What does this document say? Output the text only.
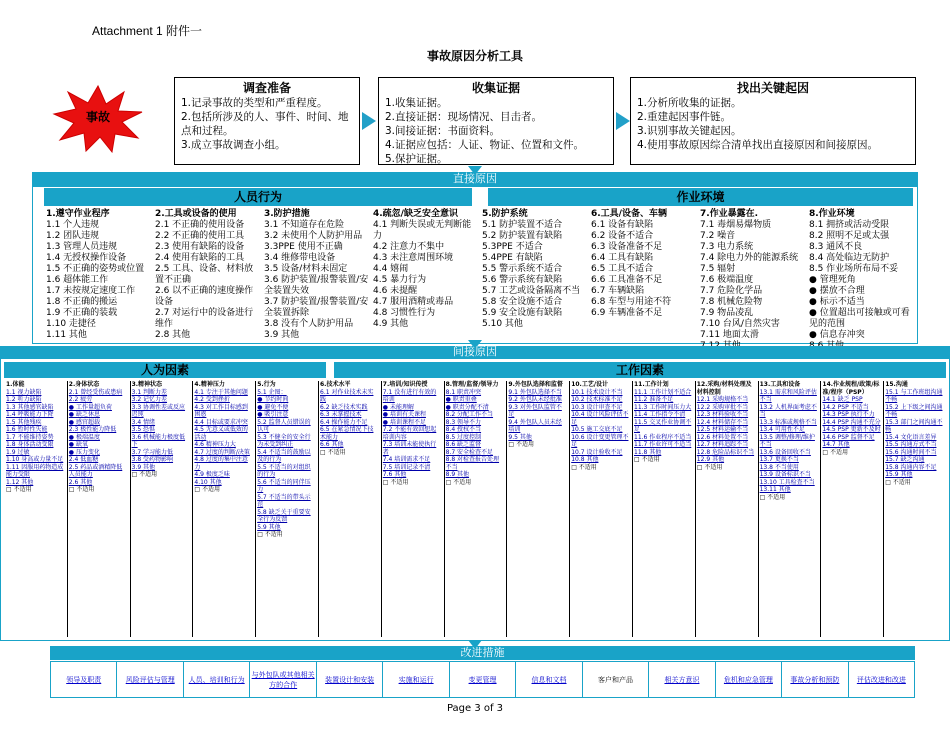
Attachment 1 附件一
事故原因分析工具
事故
调查准备
1.记录事故的类型和严重程度。
2.包括所涉及的人、事件、时间、地点和过程。
3.成立事故调查小组。
收集证据
1.收集证据。
2.直接证据：现场情况、目击者。
3.间接证据：书面资料。
4.证据应包括：人证、物证、位置和文件。
5.保护证据。
找出关键起因
1.分析所收集的证据。
2.重建起因事件链。
3.识别事故关键起因。
4.使用事故原因综合清单找出直接原因和间接原因。
直接原因
人员行为	作业环境
1.遵守作业程序
1.1 个人违规
1.2 团队违规
1.3 管理人员违规
1.4 无授权操作设备
1.5 不正确的姿势或位置
1.6 超体能工作
1.7 未按规定速度工作
1.8 不正确的搬运
1.9 不正确的装载
1.10 走捷径
1.11 其他
2.工具或设备的使用
2.1 不正确的使用设备
2.2 不正确的使用工具
2.3 使用有缺陷的设备
2.4 使用有缺陷的工具
2.5 工具、设备、材料放置不正确
2.6 以不正确的速度操作设备
2.7 对运行中的设备进行维作
2.8 其他
3.防护措施
3.1 不知道存在危险
3.2 未使用个人防护用品
3.3PPE 使用不正确
3.4 维修带电设备
3.5 设备/材料未固定
3.6 防护装置/报警装置/安全装置失效
3.7 防护装置/报警装置/安全装置拆除
3.8 没有个人防护用品
3.9 其他
4.疏忽/缺乏安全意识
4.1 判断失误或无判断能力
4.2 注意力不集中
4.3 未注意周围环境
4.4 嬉闹
4.5 暴力行为
4.6 未提醒
4.7 服用酒精或毒品
4.8 习惯性行为
4.9 其他
5.防护系统
5.1 防护装置不适合
5.2 防护装置有缺陷
5.3PPE 不适合
5.4PPE 有缺陷
5.5 警示系统不适合
5.6 警示系统有缺陷
5.7 工艺或设备隔离不当
5.8 安全设施不适合
5.9 安全设施有缺陷
5.10 其他
6.工具/设备、车辆
6.1 设备有缺陷
6.2 设备不适合
6.3 设备准备不足
6.4 工具有缺陷
6.5 工具不适合
6.6 工具准备不足
6.7 车辆缺陷
6.8 车型与用途不符
6.9 车辆准备不足
7.作业暴露在.
7.1 毒烟易爆物质
7.2 噪音
7.3 电力系统
7.4 除电力外的能源系统
7.5 辐射
7.6 极端温度
7.7 危险化学品
7.8 机械危险物
7.9 物品凌乱
7.10 台风/自然灾害
7.11 地面太滑
8.作业环境
8.1 拥挤或活动受限
8.2 照明不足或太强
8.3 通风不良
8.4 高处临边无防护
8.5 作业场所布局不妥
● 管理死角
● 摆放不合理
● 标示不适当
● 位置超出可接触或可看见的范围
● 信息存冲突
间接原因
人为因素	工作因素
1.体能
1.1 视力缺陷
1.2 听力缺陷
1.3 其他感官缺陷
1.4 呼吸能力下降
1.5 其他残疾
1.6 暂时性失能
1.7 不能维持姿势
1.8 身体活动受限
1.9 过敏
1.10 身高或力量不足
1.11 因服用药物造成能力受限
1.12 其他
□ 不适用
2.身体状态
2.1 曾经受伤或患病
2.2 疲劳
● 工作量超负荷
● 缺乏休息
● 感官超载
2.3 极性能力降低
● 极端温度
● 缺氧
● 压力变化
2.4 低血糖
2.5 药品或酒精降低人员能力
2.6 其他
□ 不适用
3.精神状态
3.1 判断力差
3.2 记忆力差
3.3 协调性差或反应迟钝
3.4 情绪
3.5 恐惧
3.6 机械能力极度低下
3.7 学习能力低
3.8 受药物影响
3.9 其他
□ 不适用
4.精神压力
4.1 专注于其他问题
4.2 受到挫折
4.3 对工作目标感到困惑
4.4 目标或要求冲突
4.5 无意义或低效的活动
4.6 精神压力大
4.7 过度的判断/决策
4.8 过度的集中注意力
4.9 极度乏味
4.10 其他
□ 不适用
5.行为
5.1 企图：
● 节约时间
● 避免不便
● 吸引注意
5.2 监督人员错误的认可
5.3 不健全的安全行为未受到纠正
5.4 不适当的鼓励以及的行为
5.5 不适当的对组织的行为
5.6 不适当的同伴压力
5.7 不适当的带头示范
5.8 缺乏关于重要安全行为反馈
5.9 其他
□ 不适用
6.技术水平
6.1 对作业技术未实践
6.2 缺乏技术实践
6.3 未掌握技术
6.4 操作能力不足
6.5 在紧急情况下技术能力
6.6 其他
□ 不适用
7.培训/知识传授
7.1 没有进行有效的培训
● 未能理解
● 培训有关课程
● 培训课程不足
7.2 不能有效回想起培训内容
7.3 培训未能使执行者
7.4 培训需求不足
7.5 培训记录不清
7.6 其他
□ 不适用
8.管理/监督/领导力
8.1 职责冲突
● 职责重叠
● 职责分配不清
8.2 分配工作不当
8.3 领导不力
8.4 授权不当
8.5 过度控制
8.6 缺乏监督
8.7 安全检查不足
8.8 对检查报告处理不当
8.9 其他
□ 不适用
9.外包队选择和监督
9.1 外包队选择不当
9.2 外包队未经批准
9.3 对外包队监管不足
9.4 外包队人员未经培训
9.5 其他
□ 不适用
10.工艺/设计
10.1 技术设计不当
10.2 技术标准不足
10.3 设计审查不足
10.4 设计风险评估不足
10.5 施工交底不足
10.6 设计变更管理不足
10.7 设计验收不足
10.8 其他
□ 不适用
11.工作计划
11.1 工作计划不适合
11.2 准备不足
11.3 工作时间压力大
11.4 工作指令不清
11.5 交叉作业协调不足
11.6 作业程序不适当
11.7 作业许可不适当
11.8 其他
□ 不适用
12.采购/材料处理及材料控制
12.1 采购规格不当
12.2 采购审批不当
12.3 材料验收不当
12.4 材料储存不当
12.5 材料运输不当
12.6 材料处置不当
12.7 材料追踪不当
12.8 危险品标识不当
12.9 其他
□ 不适用
13.工具和设备
13.1 需求和风险评估不当
13.2 人机界面考虑不当
13.3 标准或规格不当
13.4 可用性不足
13.5 调整/修理/维护不当
13.6 设备回收不当
13.7 更换不当
13.8 不当使用
13.9 设备标识不当
13.10 工具检查不当
13.11 其他
□ 不适用
14.作业规程/政策/标准/程序（PSP）
14.1 缺乏 PSP
14.2 PSP 不适当
14.3 PSP 执行不力
14.4 PSP 沟通不充分
14.5 PSP 更新不及时
14.6 PSP 监督不足
14.7 其他
□ 不适用
15.沟通
15.1 与工作班组沟通不畅
15.2 上下级之间沟通不畅
15.3 部门之间沟通不畅
15.4 文化语言差异
15.5 沟通方式不当
15.6 沟通时间不当
15.7 缺乏沟通
15.8 沟通内容不足
15.9 其他
□ 不适用
改进措施
领导及职责	风险评估与管理	人员、培训和行为
与外包队或其他相关方的合作
装置设计和安装	实施和运行	变更管理	信息和文档	客户和产品	相关方意识	危机和应急管理	事故分析和预防	评估改进和改进
Page 3 of 3
